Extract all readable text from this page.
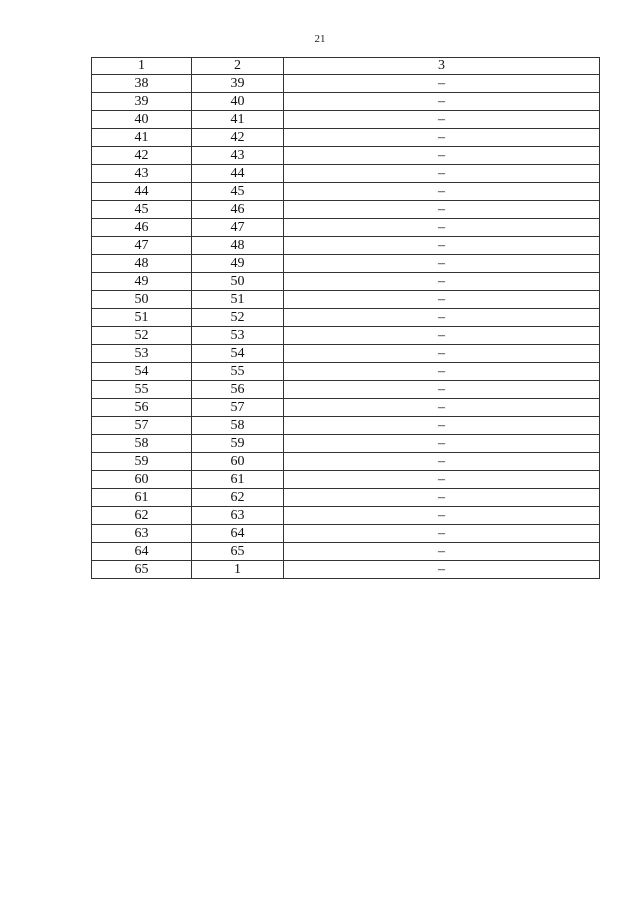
21
1	2	3
38	39	–
39	40	–
40	41	–
41	42	–
42	43	–
43	44	–
44	45	–
45	46	–
46	47	–
47	48	–
48	49	–
49	50	–
50	51	–
51	52	–
52	53	–
53	54	–
54	55	–
55	56	–
56	57	–
57	58	–
58	59	–
59	60	–
60	61	–
61	62	–
62	63	–
63	64	–
64	65	–
65	1	–
